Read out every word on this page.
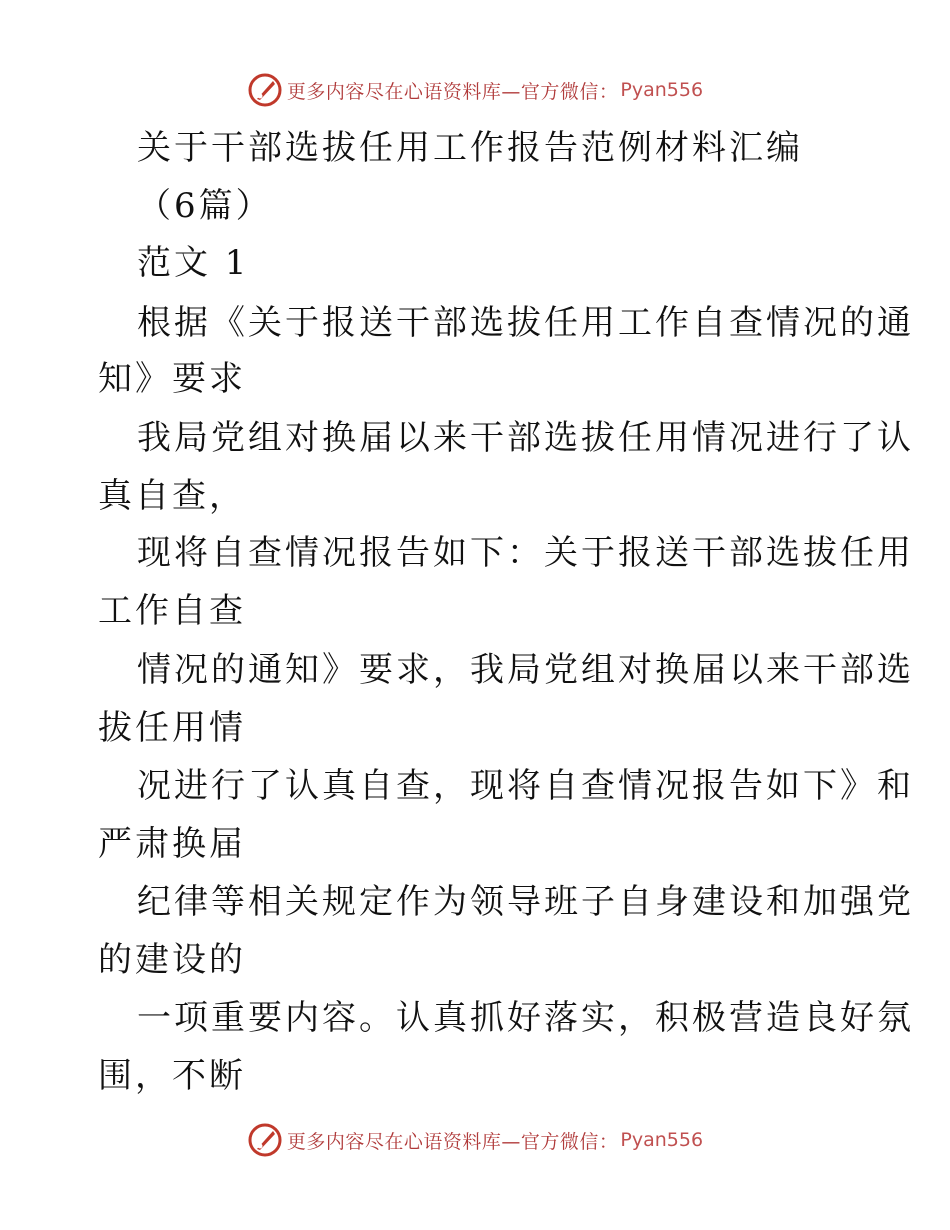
更多内容尽在心语资料库—官方微信： Pyan556
关于干部选拔任用工作报告范例材料汇编
（6篇）
范文 1
根据《关于报送干部选拔任用工作自查情况的通
知》要求
我局党组对换届以来干部选拔任用情况进行了认
真自查，
现将自查情况报告如下：关于报送干部选拔任用
工作自查
情况的通知》要求，我局党组对换届以来干部选
拔任用情
况进行了认真自查，现将自查情况报告如下》和
严肃换届
纪律等相关规定作为领导班子自身建设和加强党
的建设的
一项重要内容。认真抓好落实，积极营造良好氛
围，不断
更多内容尽在心语资料库—官方微信： Pyan556
